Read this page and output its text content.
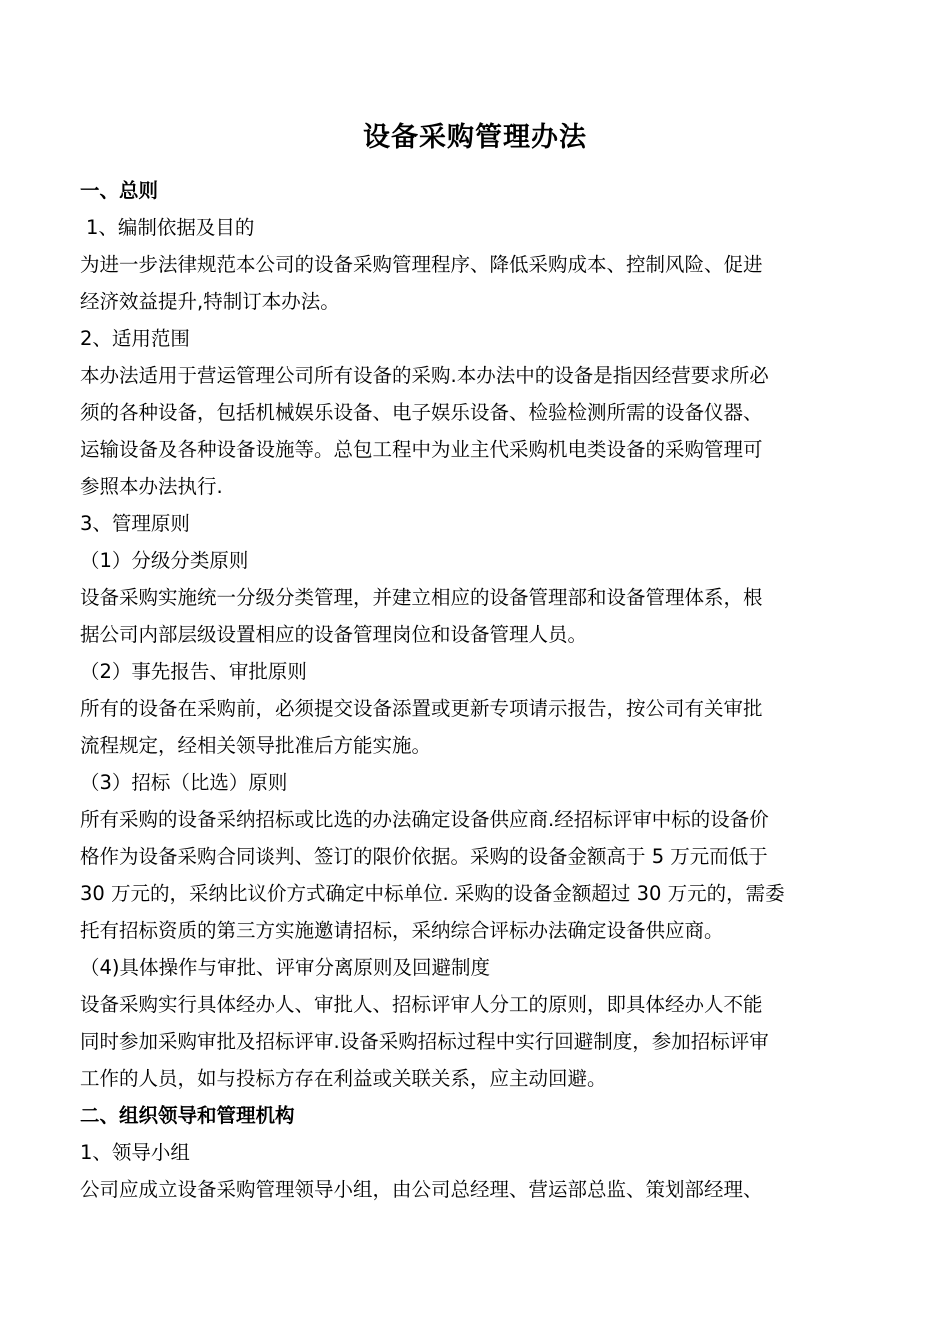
设备采购管理办法
一、总则
1、编制依据及目的
为进一步法律规范本公司的设备采购管理程序、降低采购成本、控制风险、促进
经济效益提升,特制订本办法。
2、适用范围
本办法适用于营运管理公司所有设备的采购.本办法中的设备是指因经营要求所必
须的各种设备，包括机械娱乐设备、电子娱乐设备、检验检测所需的设备仪器、
运输设备及各种设备设施等。总包工程中为业主代采购机电类设备的采购管理可
参照本办法执行.
3、管理原则
（1）分级分类原则
设备采购实施统一分级分类管理，并建立相应的设备管理部和设备管理体系，根
据公司内部层级设置相应的设备管理岗位和设备管理人员。
（2）事先报告、审批原则
所有的设备在采购前，必须提交设备添置或更新专项请示报告，按公司有关审批
流程规定，经相关领导批准后方能实施。
（3）招标（比选）原则
所有采购的设备采纳招标或比选的办法确定设备供应商.经招标评审中标的设备价
格作为设备采购合同谈判、签订的限价依据。采购的设备金额高于 5 万元而低于
30 万元的，采纳比议价方式确定中标单位. 采购的设备金额超过 30 万元的，需委
托有招标资质的第三方实施邀请招标，采纳综合评标办法确定设备供应商。
（4)具体操作与审批、评审分离原则及回避制度
设备采购实行具体经办人、审批人、招标评审人分工的原则，即具体经办人不能
同时参加采购审批及招标评审.设备采购招标过程中实行回避制度，参加招标评审
工作的人员，如与投标方存在利益或关联关系，应主动回避。
二、组织领导和管理机构
1、领导小组
公司应成立设备采购管理领导小组，由公司总经理、营运部总监、策划部经理、
